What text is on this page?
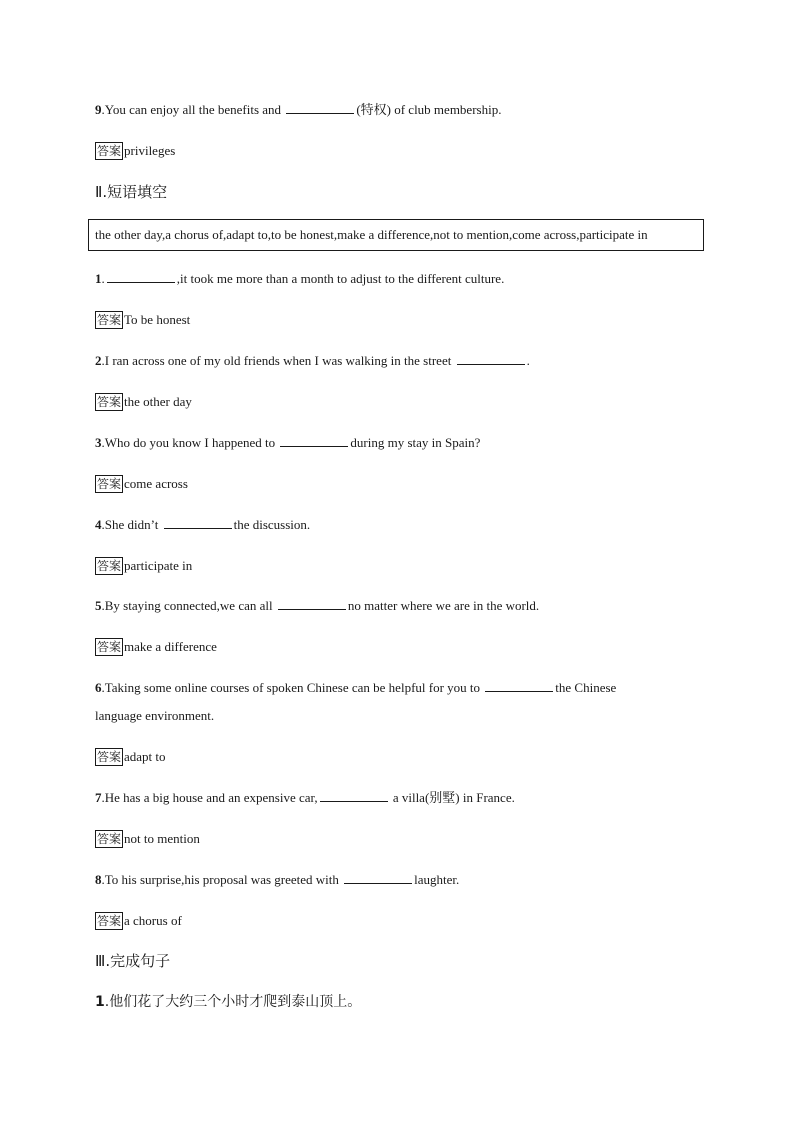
9.You can enjoy all the benefits and	(特权) of club membership.
答案 privileges
Ⅱ.短语填空
the other day,a chorus of,adapt to,to be honest,make a difference,not to mention,come across,participate in
1.	,it took me more than a month to adjust to the different culture.
答案 To be honest
2.I ran across one of my old friends when I was walking in the street	.
答案 the other day
3.Who do you know I happened to	during my stay in Spain?
答案 come across
4.She didn’t	the discussion.
答案 participate in
5.By staying connected,we can all	no matter where we are in the world.
答案 make a difference
6.Taking some online courses of spoken Chinese can be helpful for you to	the Chinese
language environment.
答案 adapt to
7.He has a big house and an expensive car,	a villa(别墅) in France.
答案 not to mention
8.To his surprise,his proposal was greeted with	laughter.
答案 a chorus of
Ⅲ.完成句子
1.他们花了大约三个小时才爬到泰山顶上。
